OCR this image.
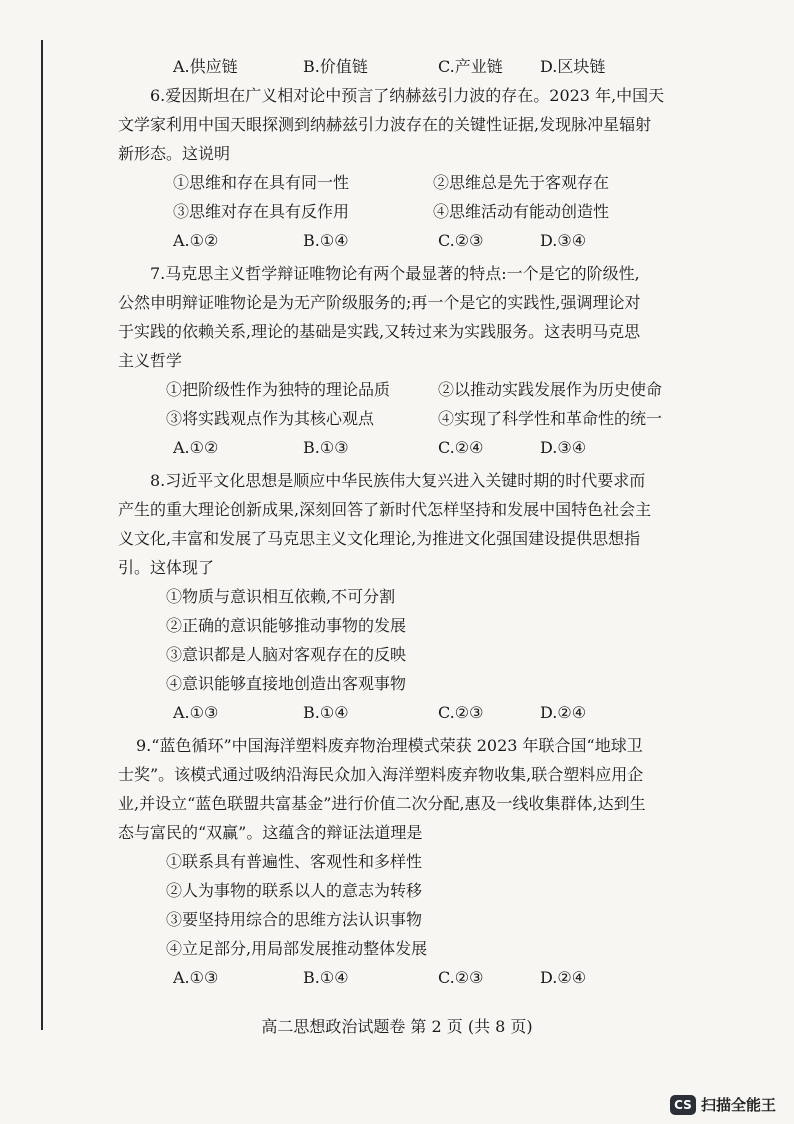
A.供应链	B.价值链	C.产业链	D.区块链
6.爱因斯坦在广义相对论中预言了纳赫兹引力波的存在。2023 年,中国天
文学家利用中国天眼探测到纳赫兹引力波存在的关键性证据,发现脉冲星辐射
新形态。这说明
①思维和存在具有同一性	②思维总是先于客观存在
③思维对存在具有反作用	④思维活动有能动创造性
A.①②	B.①④	C.②③	D.③④
7.马克思主义哲学辩证唯物论有两个最显著的特点:一个是它的阶级性,
公然申明辩证唯物论是为无产阶级服务的;再一个是它的实践性,强调理论对
于实践的依赖关系,理论的基础是实践,又转过来为实践服务。这表明马克思
主义哲学
①把阶级性作为独特的理论品质	②以推动实践发展作为历史使命
③将实践观点作为其核心观点	④实现了科学性和革命性的统一
A.①②	B.①③	C.②④	D.③④
8.习近平文化思想是顺应中华民族伟大复兴进入关键时期的时代要求而
产生的重大理论创新成果,深刻回答了新时代怎样坚持和发展中国特色社会主
义文化,丰富和发展了马克思主义文化理论,为推进文化强国建设提供思想指
引。这体现了
①物质与意识相互依赖,不可分割
②正确的意识能够推动事物的发展
③意识都是人脑对客观存在的反映
④意识能够直接地创造出客观事物
A.①③	B.①④	C.②③	D.②④
9.“蓝色循环”中国海洋塑料废弃物治理模式荣获 2023 年联合国“地球卫
士奖”。该模式通过吸纳沿海民众加入海洋塑料废弃物收集,联合塑料应用企
业,并设立“蓝色联盟共富基金”进行价值二次分配,惠及一线收集群体,达到生
态与富民的“双赢”。这蕴含的辩证法道理是
①联系具有普遍性、客观性和多样性
②人为事物的联系以人的意志为转移
③要坚持用综合的思维方法认识事物
④立足部分,用局部发展推动整体发展
A.①③	B.①④	C.②③	D.②④
高二思想政治试题卷 第 2 页 (共 8 页)
CS 扫描全能王
